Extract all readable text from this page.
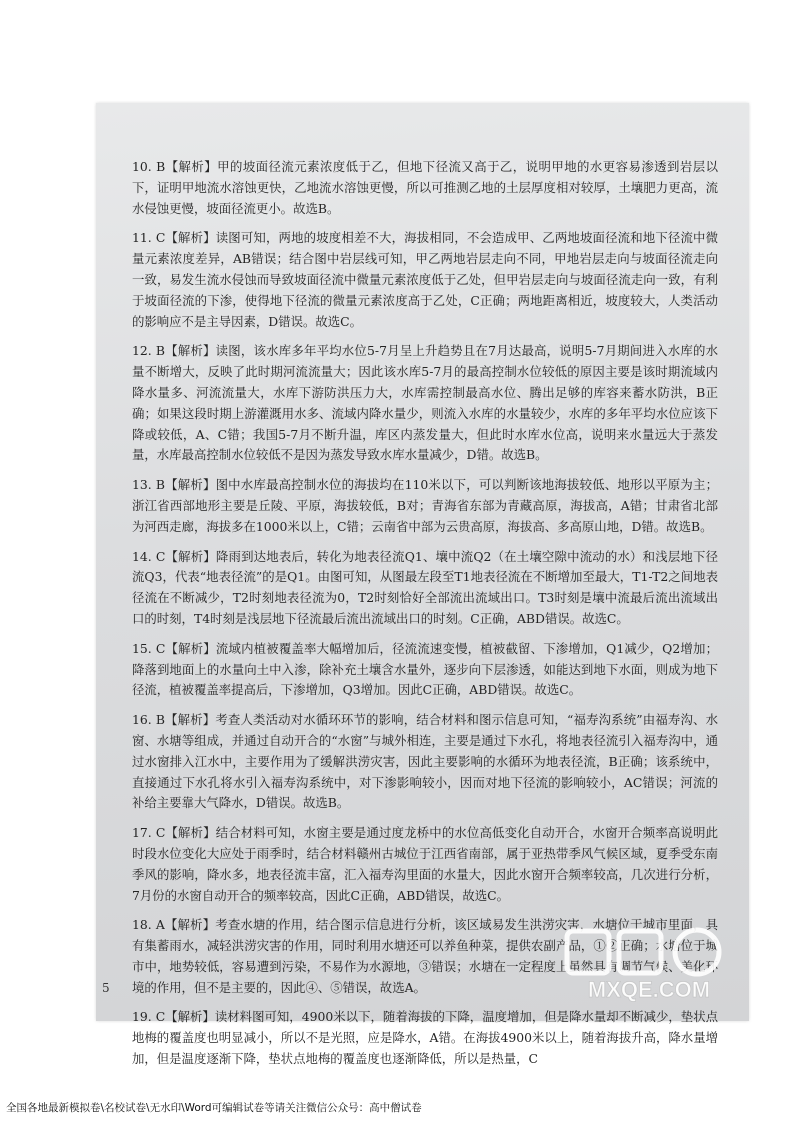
10. B【解析】甲的坡面径流元素浓度低于乙，但地下径流又高于乙，说明甲地的水更容易渗透到岩层以下，证明甲地流水溶蚀更快，乙地流水溶蚀更慢，所以可推测乙地的土层厚度相对较厚，土壤肥力更高，流水侵蚀更慢，坡面径流更小。故选B。
11. C【解析】读图可知，两地的坡度相差不大，海拔相同，不会造成甲、乙两地坡面径流和地下径流中微量元素浓度差异，AB错误；结合图中岩层线可知，甲乙两地岩层走向不同，甲地岩层走向与坡面径流走向一致，易发生流水侵蚀而导致坡面径流中微量元素浓度低于乙处，但甲岩层走向与坡面径流走向一致，有利于坡面径流的下渗，使得地下径流的微量元素浓度高于乙处，C正确；两地距离相近，坡度较大，人类活动的影响应不是主导因素，D错误。故选C。
12. B【解析】读图，该水库多年平均水位5-7月呈上升趋势且在7月达最高，说明5-7月期间进入水库的水量不断增大，反映了此时期河流流量大；因此该水库5-7月的最高控制水位较低的原因主要是该时期流域内降水量多、河流流量大，水库下游防洪压力大，水库需控制最高水位、腾出足够的库容来蓄水防洪，B正确；如果这段时期上游灌溉用水多、流域内降水量少，则流入水库的水量较少，水库的多年平均水位应该下降或较低，A、C错；我国5-7月不断升温，库区内蒸发量大，但此时水库水位高，说明来水量远大于蒸发量，水库最高控制水位较低不是因为蒸发导致水库水量减少，D错。故选B。
13. B【解析】图中水库最高控制水位的海拔均在110米以下，可以判断该地海拔较低、地形以平原为主；浙江省西部地形主要是丘陵、平原，海拔较低，B对；青海省东部为青藏高原，海拔高，A错；甘肃省北部为河西走廊，海拔多在1000米以上，C错；云南省中部为云贵高原，海拔高、多高原山地，D错。故选B。
14. C【解析】降雨到达地表后，转化为地表径流Q1、壤中流Q2（在土壤空隙中流动的水）和浅层地下径流Q3，代表“地表径流”的是Q1。由图可知，从图最左段至T1地表径流在不断增加至最大，T1-T2之间地表径流在不断减少，T2时刻地表径流为0，T2时刻恰好全部流出流域出口。T3时刻是壤中流最后流出流域出口的时刻，T4时刻是浅层地下径流最后流出流域出口的时刻。C正确，ABD错误。故选C。
15. C【解析】流域内植被覆盖率大幅增加后，径流流速变慢，植被截留、下渗增加，Q1减少，Q2增加；降落到地面上的水量向土中入渗，除补充土壤含水量外，逐步向下层渗透，如能达到地下水面，则成为地下径流，植被覆盖率提高后，下渗增加，Q3增加。因此C正确，ABD错误。故选C。
16. B【解析】考查人类活动对水循环环节的影响，结合材料和图示信息可知，“福寿沟系统”由福寿沟、水窗、水塘等组成，并通过自动开合的“水窗”与城外相连，主要是通过下水孔，将地表径流引入福寿沟中，通过水窗排入江水中，主要作用为了缓解洪涝灾害，因此主要影响的水循环为地表径流，B正确；该系统中，直接通过下水孔将水引入福寿沟系统中，对下渗影响较小，因而对地下径流的影响较小，AC错误；河流的补给主要靠大气降水，D错误。故选B。
17. C【解析】结合材料可知，水窗主要是通过度龙桥中的水位高低变化自动开合，水窗开合频率高说明此时段水位变化大应处于雨季时，结合材料赣州古城位于江西省南部，属于亚热带季风气候区域，夏季受东南季风的影响，降水多，地表径流丰富，汇入福寿沟里面的水量大，因此水窗开合频率较高，几次进行分析，7月份的水窗自动开合的频率较高，因此C正确，ABD错误，故选C。
18. A【解析】考查水塘的作用，结合图示信息进行分析，该区域易发生洪涝灾害，水塘位于城市里面，具有集蓄雨水，减轻洪涝灾害的作用，同时利用水塘还可以养鱼种菜，提供农副产品，①②正确；水塘位于城市中，地势较低，容易遭到污染，不易作为水源地，③错误；水塘在一定程度上虽然具有调节气候、美化环境的作用，但不是主要的，因此④、⑤错误，故选A。
19. C【解析】读材料图可知，4900米以下，随着海拔的下降，温度增加，但是降水量却不断减少，垫状点地梅的覆盖度也明显减小，所以不是光照，应是降水，A错。在海拔4900米以上，随着海拔升高，降水量增加，但是温度逐渐下降，垫状点地梅的覆盖度也逐渐降低，所以是热量，C
5	MXQE.COM
全国各地最新模拟卷\名校试卷\无水印\Word可编辑试卷等请关注微信公众号：高中僧试卷
